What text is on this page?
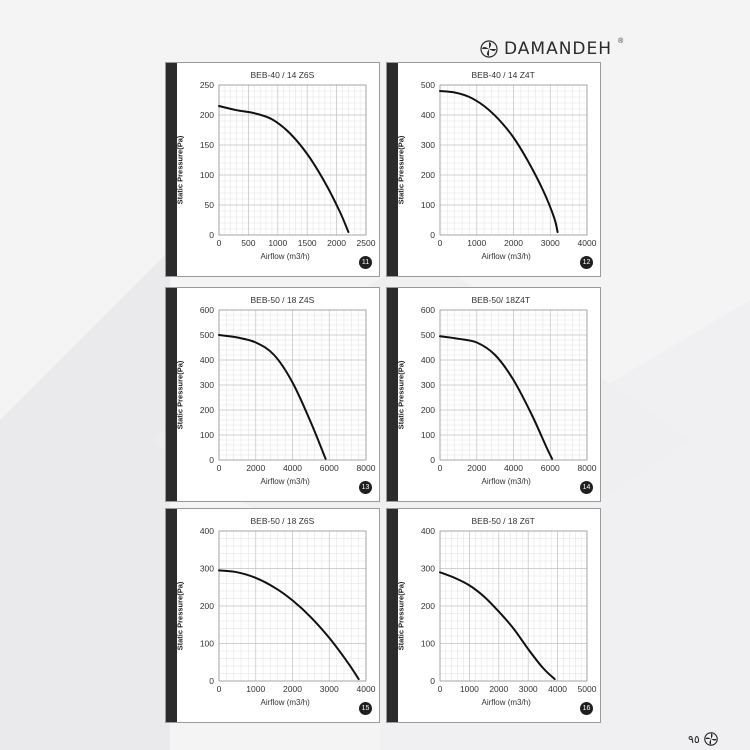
DAMANDEH ®
Static Pressure(Pa)
BEB-40 / 14 Z6S
0 500 1000 1500 2000 2500
0
50
100
150
200
250
Airflow (m3/h)
11
Static Pressure(Pa)
BEB-40 / 14 Z4T
0	1000 2000 3000 4000
0
100
200
300
400
500
Airflow (m3/h)
12
Static Pressure(Pa)
BEB-50 / 18 Z4S
0	2000 4000 6000 8000
0
100
200
300
400
500
600
Airflow (m3/h)
13
Static Pressure(Pa)
BEB-50/ 18Z4T
0	2000 4000 6000 8000
0
100
200
300
400
500
600
Airflow (m3/h)
14
Static Pressure(Pa)
BEB-50 / 18 Z6S
0	1000 2000 3000 4000
0
100
200
300
400
Airflow (m3/h)
15
Static Pressure(Pa)
BEB-50 / 18 Z6T
0 1000 2000 3000 4000 5000
0
100
200
300
400
Airflow (m3/h)
16
٩٥
